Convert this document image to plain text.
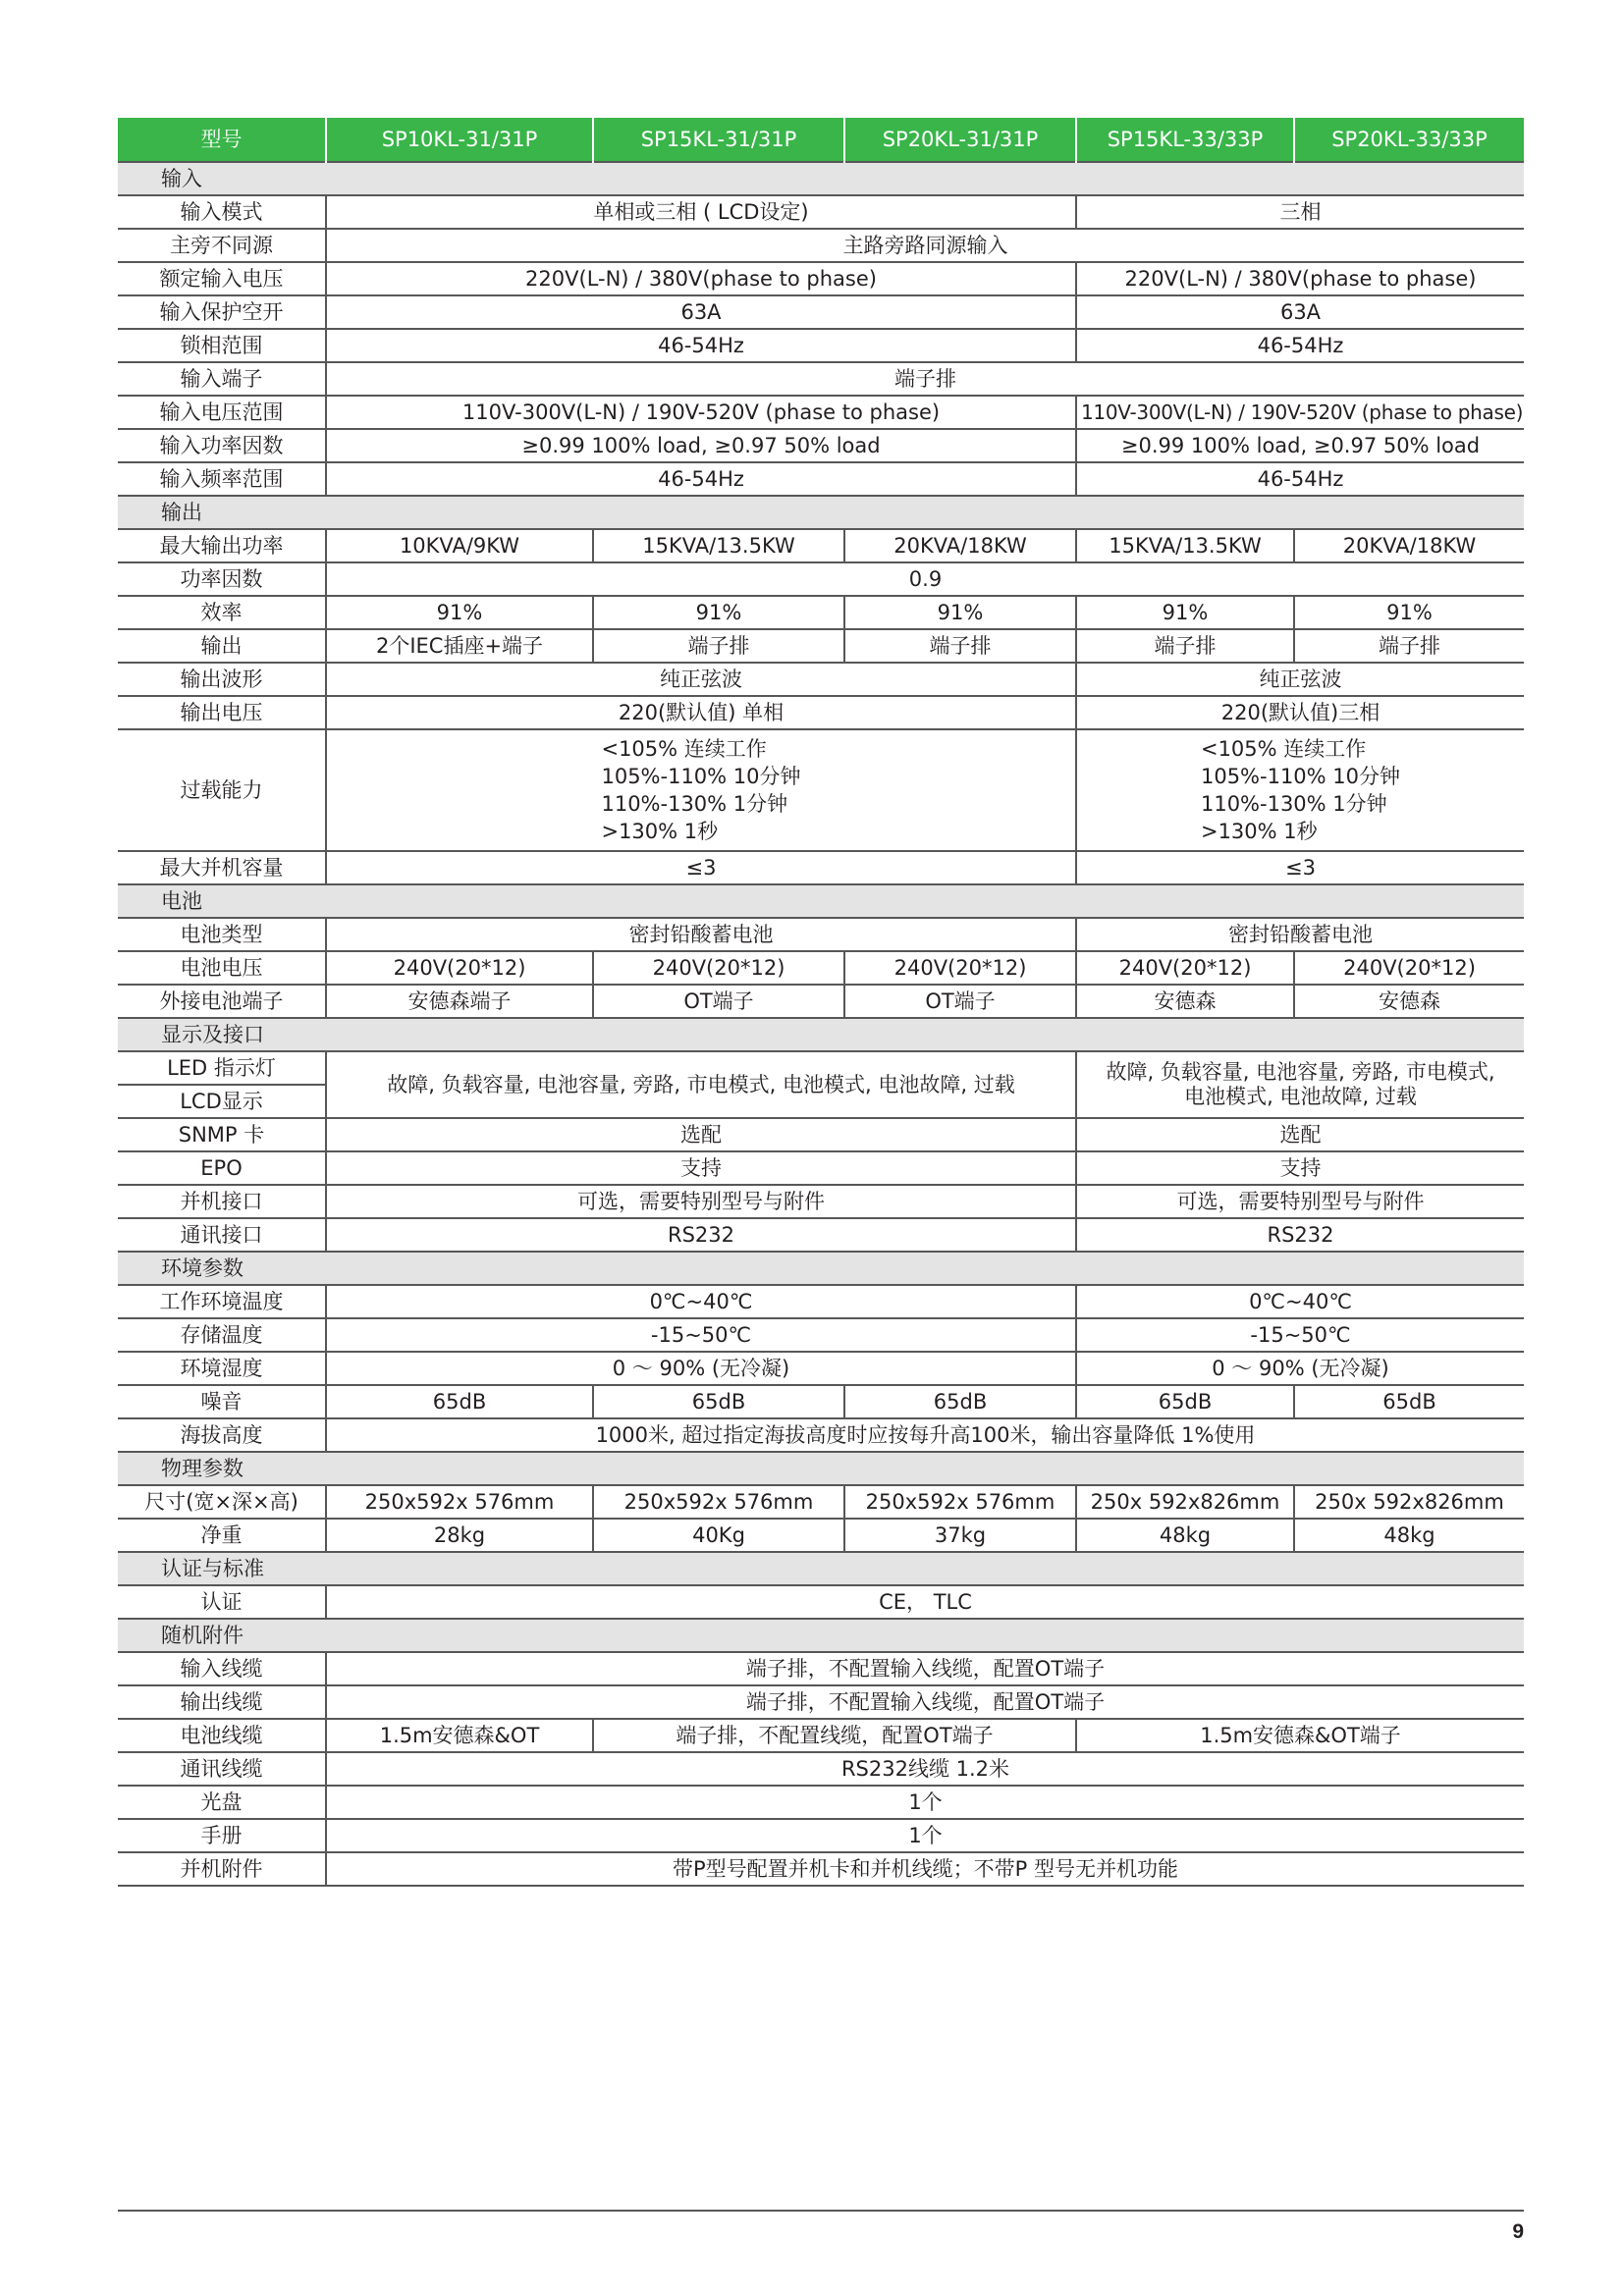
型号	SP10KL-31/31P	SP15KL-31/31P	SP20KL-31/31P	SP15KL-33/33P	SP20KL-33/33P
输入					
输入模式	单相或三相 ( LCD设定)			三相	
主旁不同源	主路旁路同源输入				
额定输入电压	220V(L-N) / 380V(phase to phase)			220V(L-N) / 380V(phase to phase)	
输入保护空开	63A			63A	
锁相范围	46-54Hz			46-54Hz	
输入端子	端子排				
输入电压范围	110V-300V(L-N) / 190V-520V (phase to phase)			110V-300V(L-N) / 190V-520V (phase to phase)	
输入功率因数	≥0.99 100% load, ≥0.97 50% load			≥0.99 100% load, ≥0.97 50% load	
输入频率范围	46-54Hz			46-54Hz	
输出					
最大输出功率	10KVA/9KW	15KVA/13.5KW	20KVA/18KW	15KVA/13.5KW	20KVA/18KW
功率因数	0.9				
效率	91%	91%	91%	91%	91%
输出	2个IEC插座+端子	端子排	端子排	端子排	端子排
输出波形	纯正弦波			纯正弦波	
输出电压	220(默认值) 单相			220(默认值)三相	
过载能力	<105% 连续工作
105%-110% 10分钟
110%-130% 1分钟
>130% 1秒			<105% 连续工作
105%-110% 10分钟
110%-130% 1分钟
>130% 1秒	
最大并机容量	≤3			≤3	
电池					
电池类型	密封铅酸蓄电池			密封铅酸蓄电池	
电池电压	240V(20*12)	240V(20*12)	240V(20*12)	240V(20*12)	240V(20*12)
外接电池端子	安德森端子	OT端子	OT端子	安德森	安德森
显示及接口					
LED 指示灯	故障, 负载容量, 电池容量, 旁路, 市电模式, 电池模式, 电池故障, 过载			故障, 负载容量, 电池容量, 旁路, 市电模式,
电池模式, 电池故障, 过载	
LCD显示					
SNMP 卡	选配			选配	
EPO	支持			支持	
并机接口	可选，需要特别型号与附件			可选，需要特别型号与附件	
通讯接口	RS232			RS232	
环境参数					
工作环境温度	0℃~40℃			0℃~40℃	
存储温度	-15~50℃			-15~50℃	
环境湿度	0 ～ 90% (无冷凝)			0 ～ 90% (无冷凝)	
噪音	65dB	65dB	65dB	65dB	65dB
海拔高度	1000米, 超过指定海拔高度时应按每升高100米，输出容量降低 1%使用				
物理参数					
尺寸(宽×深×高)	250x592x 576mm	250x592x 576mm	250x592x 576mm	250x 592x826mm	250x 592x826mm
净重	28kg	40Kg	37kg	48kg	48kg
认证与标准					
认证	CE， TLC				
随机附件					
输入线缆	端子排，不配置输入线缆，配置OT端子				
输出线缆	端子排，不配置输入线缆，配置OT端子				
电池线缆	1.5m安德森&OT	端子排，不配置线缆，配置OT端子		1.5m安德森&OT端子	
通讯线缆	RS232线缆 1.2米				
光盘	1个				
手册	1个				
并机附件	带P型号配置并机卡和并机线缆；不带P 型号无并机功能				
9
